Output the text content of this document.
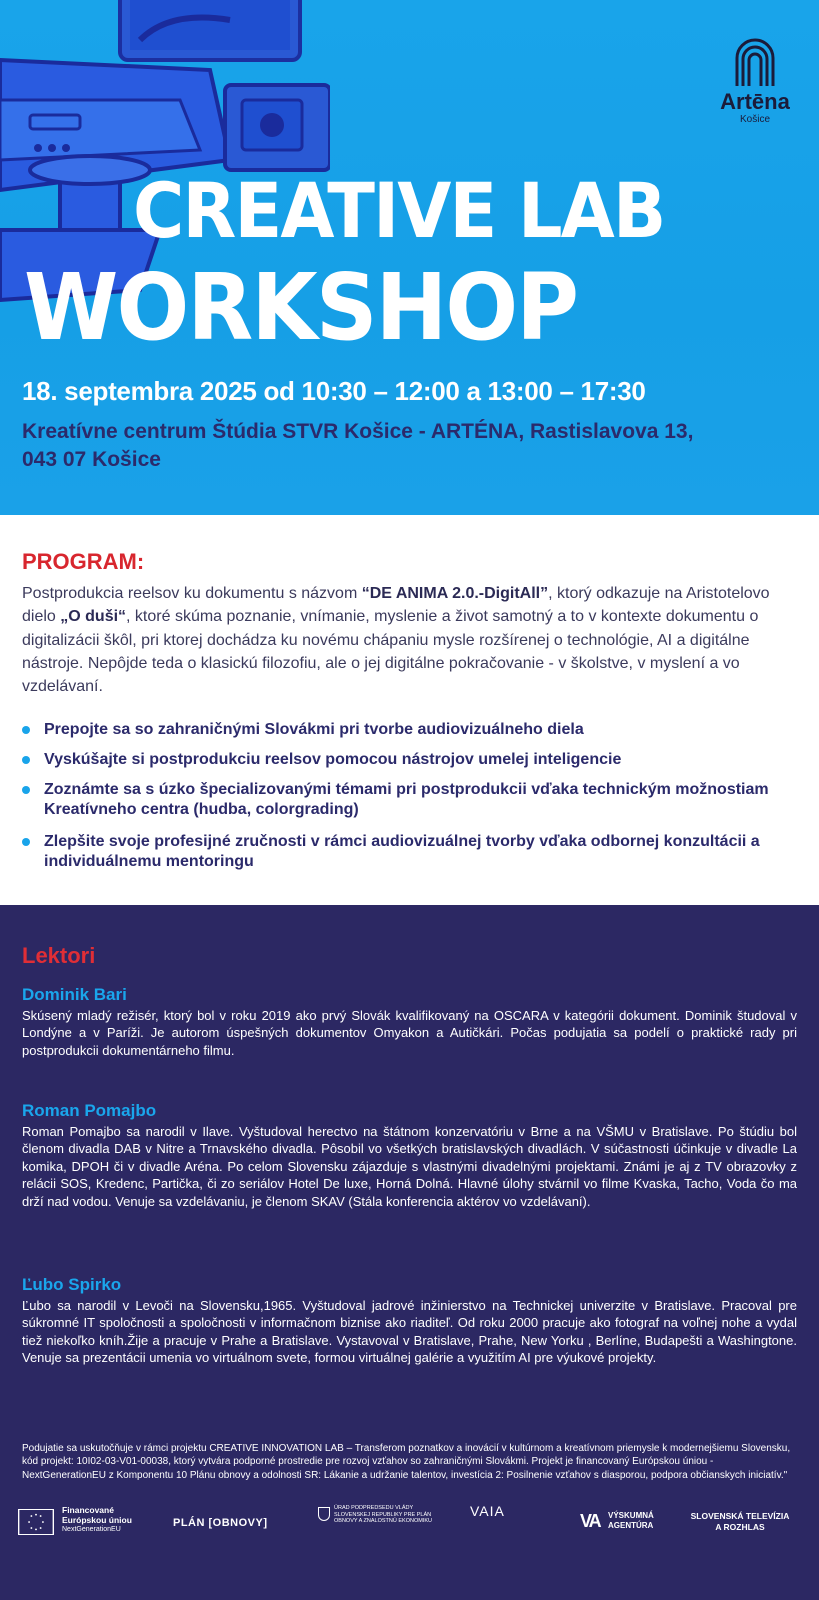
Artēna
Košice
CREATIVE LAB
WORKSHOP
18. septembra 2025 od 10:30 – 12:00 a 13:00 – 17:30
Kreatívne centrum Štúdia STVR Košice - ARTÉNA, Rastislavova 13,
043 07 Košice
PROGRAM:

Postprodukcia reelsov ku dokumentu s názvom “DE ANIMA 2.0.-DigitAll”, ktorý odkazuje na Aristotelovo dielo „O duši“, ktoré skúma poznanie, vnímanie, myslenie a život samotný a to v kontexte dokumentu o digitalizácii škôl, pri ktorej dochádza ku novému chápaniu mysle rozšírenej o technológie, AI a digitálne nástroje. Nepôjde teda o klasickú filozofiu, ale o jej digitálne pokračovanie - v školstve, v myslení a vo vzdelávaní.

Prepojte sa so zahraničnými Slovákmi pri tvorbe audiovizuálneho diela
Vyskúšajte si postprodukciu reelsov pomocou nástrojov umelej inteligencie
Zoznámte sa s úzko špecializovanými témami pri postprodukcii vďaka technickým možnostiam Kreatívneho centra (hudba, colorgrading)
Zlepšite svoje profesijné zručnosti v rámci audiovizuálnej tvorby vďaka odbornej konzultácii a individuálnemu mentoringu
Lektori
Dominik Bari

Skúsený mladý režisér, ktorý bol v roku 2019 ako prvý Slovák kvalifikovaný na OSCARA v kategórii dokument. Dominik študoval v Londýne a v Paríži. Je autorom úspešných dokumentov Omyakon a Autičkári. Počas podujatia sa podelí o praktické rady pri postprodukcii dokumentárneho filmu.

Roman Pomajbo

Roman Pomajbo sa narodil v Ilave. Vyštudoval herectvo na štátnom konzervatóriu v Brne a na VŠMU v Bratislave. Po štúdiu bol členom divadla DAB v Nitre a Trnavského divadla. Pôsobil vo všetkých bratislavských divadlách. V súčastnosti účinkuje v divadle La komika, DPOH či v divadle Aréna. Po celom Slovensku zájazduje s vlastnými divadelnými projektami. Známi je aj z TV obrazovky z relácii SOS, Kredenc, Partička, či zo seriálov Hotel De luxe, Horná Dolná. Hlavné úlohy stvárnil vo filme Kvaska, Tacho, Voda čo ma drží nad vodou. Venuje sa vzdelávaniu, je členom SKAV (Stála konferencia aktérov vo vzdelávaní).

Ľubo Spirko

Ľubo sa narodil v Levoči na Slovensku,1965. Vyštudoval jadrové inžinierstvo na Technickej univerzite v Bratislave. Pracoval pre súkromné IT spoločnosti a spoločnosti v informačnom biznise ako riaditeľ. Od roku 2000 pracuje ako fotograf na voľnej nohe a vydal tiež niekoľko kníh.Žije a pracuje v Prahe a Bratislave. Vystavoval v Bratislave, Prahe, New Yorku , Berlíne, Budapešti a Washingtone. Venuje sa prezentácii umenia vo virtuálnom svete, formou virtuálnej galérie a využitím AI pre výukové projekty.

Podujatie sa uskutočňuje v rámci projektu CREATIVE INNOVATION LAB – Transferom poznatkov a inovácií v kultúrnom a kreatívnom priemysle k modernejšiemu Slovensku, kód projekt: 10I02-03-V01-00038, ktorý vytvára podporné prostredie pre rozvoj vzťahov so zahraničnými Slovákmi. Projekt je financovaný Európskou úniou - NextGenerationEU z Komponentu 10 Plánu obnovy a odolnosti SR: Lákanie a udržanie talentov, investícia 2: Posilnenie vzťahov s diasporou, podpora občianskych iniciatív."

Financované
Európskou úniou
NextGenerationEU
PLÁN [OBNOVY]
ÚRAD PODPREDSEDU VLÁDY SLOVENSKEJ REPUBLIKY PRE PLÁN OBNOVY A ZNALOSTNÚ EKONOMIKU
VAIA	VA VÝSKUMNÁ
AGENTÚRA
SLOVENSKÁ TELEVÍZIA
A ROZHLAS
